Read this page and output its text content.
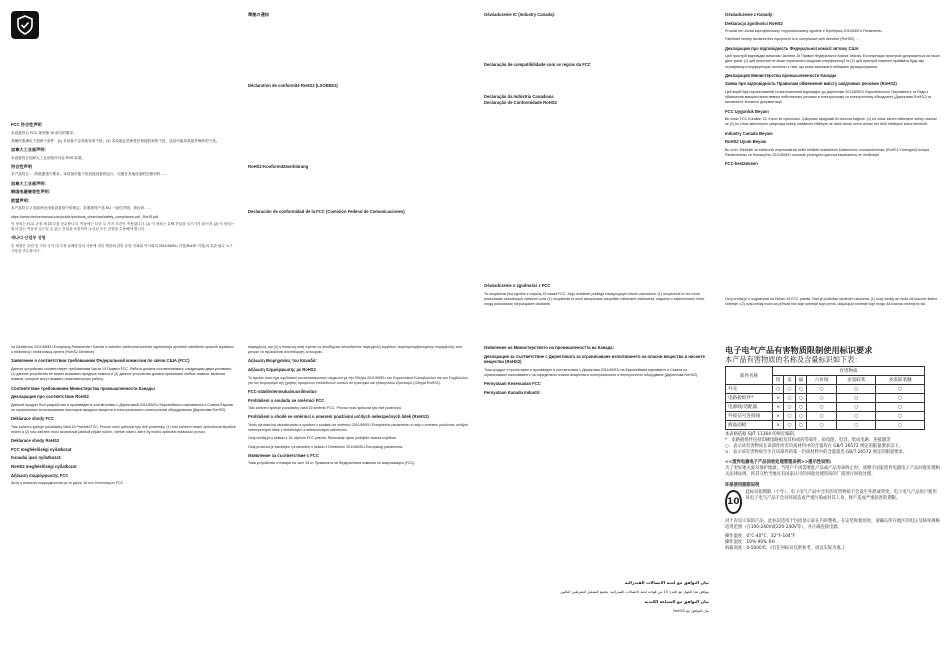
FCC 符合性声明

本设备符合 FCC 规则第 15 部分的要求。

其操作需满足下面两个条件：(1) 本设备不会导致有害干扰；(2) 本设备必须承受任何接收到的干扰，包括可能导致意外操作的干扰。

加拿大工业部声明：

本设备符合加拿大工业部免许可证 RSS 标准。

符合性声明

本产品符合 … 的欧盟指令要求。本设备可能干扰其他设备的运行，以便在其他设备附近使用时……

加拿大工业部声明：

韩国电磁兼容性声明：

欧盟声明：

本产品符合 2 类欧洲无线电设备指令的规定。若要获得产品 EU 一致性声明，请访问……

https://www.devicemanual.com/public/products_download/safety_compliance.pdf _RoHS.pdf

이 장치는 FCC 규정 제 15 부를 준수합니다. 작동에는 다음 두 가지 조건이 적용됩니다. (1) 이 장치는 유해 간섭을 일으키지 않으며, (2) 이 장치는 원치 않는 작동을 일으킬 수 있는 간섭을 포함하여 수신된 모든 간섭을 수용해야 합니다.

캐나다 산업부 성명

본 제품은 유럽 및 기타 국가 내 특정 유해물질의 사용에 대한 제한에 관한 유럽 의회와 이사회의 2011/65/EU 지침(RoHS 지침)의 유관 필수 요구 사항을 준수합니다.

準拠の通知

Déclaration de conformité RoHS2 (LSOEEE2)

RoHS2-Konformitätserklärung

Declaración de conformidad de la FCC (Comisión Federal de Comunicaciones)

Oświadczenie IC (Industry Canada):

Declaração de compatibilidade com as regras da FCC

Declaração da Indústria Canadiana

Declaração de Conformidade RoHS2

Oświadczenie o zgodności z FCC

To urządzenie jest zgodne z częścią 15 zasad FCC. Jego działanie podlega następującym dwóm warunkom: (1) urządzenie to nie może powodować szkodliwych zakłóceń oraz (2) urządzenie to musi akceptować wszystkie odbierane zakłócenia, włącznie z zakłóceniami, które mogą powodować niepożądane działanie.

Oświadczenie z Kanady:

Deklaracja zgodności RoHS2

Produkt ten został zaprojektowany i wyprodukowany zgodnie z Dyrektywą 2011/65/EU Parlamentu.

Fabrikant hereby declares this equipment is in compliance with directive (RoHS2), …

Декларация про відповідність Федеральної комісії зв'язку США

Цей пристрій відповідає вимогам Частини 15 Правил Федеральної Комісії Зв'язку. Експлуатація пристрою допускається за таких двох умов: (1) цей пристрій не може спричиняти шкідливі інтерференції та (2) цей пристрій повинен приймати будь-яку отримувану інтерференцію, включно з тією, що може викликати небажане функціонування.

Декларация Министерства промышленности Канады

Заява про відповідність Правилам обмеження вмісту шкідливих речовин (RoHS2)

Цей виріб був спроектований та виготовлений відповідно до Директиви 2011/65/EU Європейського Парламенту та Ради з обмеження використання певних небезпечних речовин в електричному та електронному обладнанні (Директива RoHS2) та визначеної технічної документації.

FCC Uygunluk Beyanı

Bu cihaz FCC Kuralları 15. Kısmı ile uyumludur. Çalışması aşağıdaki iki duruma bağlıdır: (1) bu cihaz zararlı etkileşime sebep olamaz ve (2) bu cihaz istenmeyen çalışmaya sebep olabilecek etkileşim de dahil olmak üzere alınan her türlü etkileşimi kabul etmelidir.

Industry Canada Beyanı

RoHS2 Uyum Beyanı

Bu ürün, Elektrikli ve elektronik ekipmanlarda belirli tehlikeli maddelerin kullanımının sınırlandırılması (RoHS2 Yönergesi) Avrupa Parlamentosu ve Konseyi'nin 2011/65/EU numaralı yönergesi uyarınca tasarlanmış ve üretilmiştir.

FCC-kestämisen

Ovoj uređaj je u suglasnosti sa Delom 15 FCC pravila. Rad je podložan sledećim uslovima: (1) ovaj uređaj ne može da izazove štetne smetnje i (2) ovaj uređaj mora da prihvati bilo koje smetnje koje prima, uključujući smetnje koje mogu da izazovu neželjeni rad.

na Direktivom 2011/65/EU Evropskog Parlamenta i Saveta o važećim zahtevima kontrole ograničenja upotrebe određenih opasnih supstanci u električnoj i elektronskoj opremi (RoHS2 Direktive).

Заявление о соответствии требованиям Федеральной комиссии по связи США (FCC)

Данное устройство соответствует требованиям Части 15 Правил FCC. Работа должна соответствовать следующим двум условиям: (1) данное устройство не может вызывать вредные помехи и (2) данное устройство должно принимать любые помехи, включая помехи, которые могут вызвать нежелательную работу.

Соответствие требованиям Министерства промышленности Канады

Декларация про соответствие RoHS2

Данный продукт был разработан и произведен в соответствии с Директивой 2011/65/EU Европейского парламента и Совета Европы по ограничению использования некоторых вредных веществ в электрическом и электронном оборудовании (Директива RoHS2).

Deklarace shody FCC

Toto zařízení splňuje požadavky části 15 Pravidel FCC. Provoz musí splňovat tyto dvě podmínky: (1) toto zařízení nesmí způsobovat škodlivé rušení a (2) toto zařízení musí akceptovat jakékoli přijaté rušení, včetně rušení, které by mohlo způsobit nežádoucí provoz.

Deklarace shody RoHS2

FCC megfelelőségi nyilatkozat

Kanadai ipari nyilatkozat:

RoHS2 megfelelőségi nyilatkozat

Δήλωση συμμόρφωσης FCC

Αυτή η συσκευή συμμορφώνεται με το μέρος 15 των Κανονισμών FCC.

παρεμβολή, και (2) η συσκευή αυτή πρέπει να αποδέχεται οποιαδήποτε παρεμβολή λαμβάνει, συμπεριλαμβανομένης παρεμβολής που μπορεί να προκαλέσει ανεπιθύμητη λειτουργία.

Δήλωση Βιομηχανίας του Καναδά:

Δήλωση Συμμόρφωσης με RoHS2

Το προϊόν αυτό έχει σχεδιαστεί και κατασκευαστεί σύμφωνα με την Οδηγία 2011/65/EU του Ευρωπαϊκού Κοινοβουλίου και του Συμβουλίου για τον περιορισμό της χρήσης ορισμένων επικίνδυνων ουσιών σε ηλεκτρικό και ηλεκτρονικό εξοπλισμό (Οδηγία RoHS2).

FCC-säädöstenmukaisuusilmoitus

Prohlášení o souladu se směrnicí FCC

Tato zařízení splňuje požadavky části 15 směrnic FCC. Provoz musí splňovat tyto dvě podmínky.

Prohlášení o shodě se směrnicí o omezení používání určitých nebezpečných látek (RoHS2)

Tento výrobek byl zkonstruován a vyroben v souladu se směrnicí 2011/65/EU Evropského parlamentu a rady o omezení používání určitých nebezpečných látek v elektrických a elektronických zařízeních.

Ovaj uređaj je u skladu s 15. dijelom FCC pravila. Rukovanje njime podliježe dvama uvjetima.

Ovaj proizvod je zamišljen i proizveden u skladu s Direktivom 2011/65/EU Europskog parlamenta.

Изявление за съответствие с FCC

Това устройство отговаря на част 15 от Правилата на Федералната комисия по комуникации (FCC).

Изявление на Министерството на промишлеността на Канада:

Декларация за съответствие с Директивата за ограничаване използването на опасни вещества в ниските вещества (RoHS2)

Този продукт е проектиран и произведен в съответствие с Директива 2011/65/EU на Европейския парламент и Съвета по ограничаване използването на определени опасни вещества в електрическото и електронното оборудване (Директива RoHS2).

Pernyataan Kesesuaian FCC

Pernyataan Kanada Industri:

بيان التوافق مع لجنة الاتصالات الفيدرالية

يتوافق هذا الجهاز مع الجزء 15 من قواعد لجنة الاتصالات الفيدرالية. يخضع التشغيل للشرطين التاليين

بيان التوافق مع الصناعة الكندية

بيان التوافق مع RoHS2

电子电气产品有害物质限制使用标识要求
本产品有害物质的名称及含量标识如下表：
部件名称	有害物质					
	铅	汞	镉	六价铬	多溴联苯	多溴联苯醚
外壳	○	○	○	○	○	○
电路板组件*	×	○	○	○	○	○
电源线/适配器	×	○	○	○	○	○
外接信号连接线	×	○	○	○	○	○
液晶面板	×	○	○	○	○	○
本表格依据 SJ/T 11364 的规定编制。
*：电路板组件包括印刷电路板及其构成的零部件，如电阻、电容、集成电路、连接器等
○：表示该有害物质在该部件所有均质材料中的含量均在 GB/T 26572 规定的限量要求以下。
×：表示该有害物质至少在该部件的某一均质材料中的含量超出 GB/T 26572 规定的限量要求。
<<废弃电器电子产品回收处理管理条例>>提示性说明:
为了更好地关爱及保护地球，当用户不再需要此产品或产品寿命终止时，请遵守国家废弃电器电子产品回收处理相关法律法规，将其交给当地具有国家认可的回收处理资质的厂商进行回收处理。
环保使用期限说明
10
此标识指期限（十年），电子电气产品中含有的有害物质不会发生外泄或突变，电子电气产品用户使用该电子电气产品不会对环境造成严重污染或对其人身、财产造成严重损害的期限。
对于有显示屏的产品，此标识适用于包括显示屏在内的整机。在安装和使用时，请确认所在地区的电压及频率规格适用范围（在100-240V或220-240V等），并正确连接电源。
操作温度：0°C-40°C，32°F-104°F
操作湿度：10%-90% RH
海拔高度：0-5000米，(有任何标识仅供参考，请以实际为准。)
